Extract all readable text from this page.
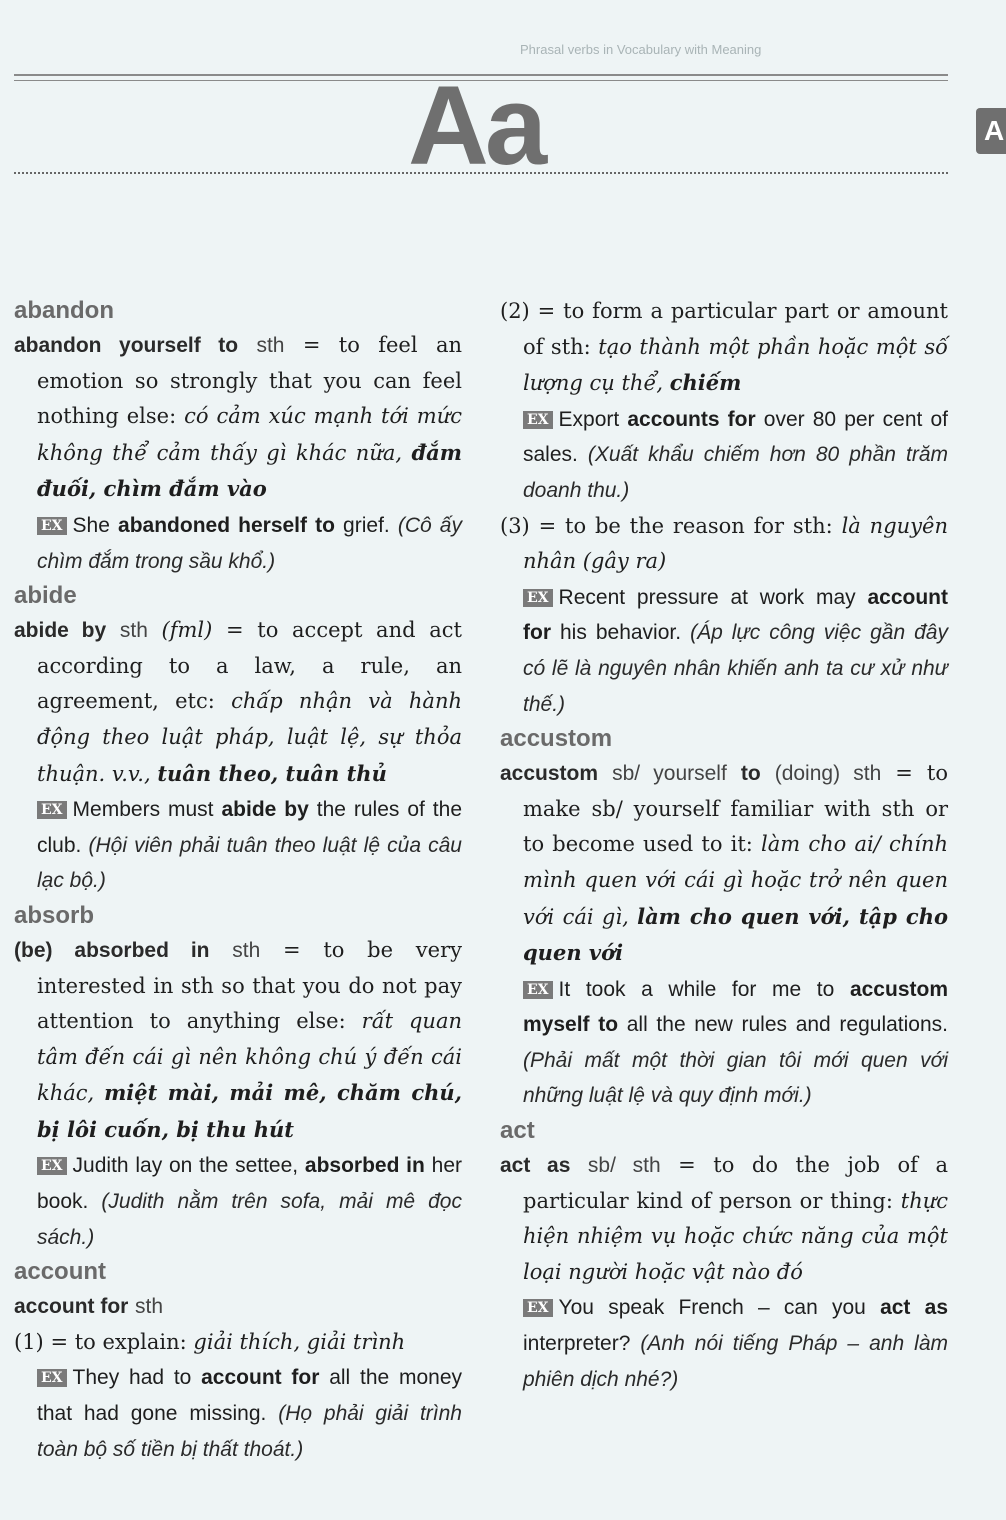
Phrasal verbs in Vocabulary with Meaning
Aa	A

abandon

abandon yourself to sth = to feel an emotion so strongly that you can feel nothing else: có cảm xúc mạnh tới mức không thể cảm thấy gì khác nữa, đắm đuối, chìm đắm vào

EX She abandoned herself to grief. (Cô ấy chìm đắm trong sầu khổ.)

abide

abide by sth (fml) = to accept and act according to a law, a rule, an agreement, etc: chấp nhận và hành động theo luật pháp, luật lệ, sự thỏa thuận. v.v., tuân theo, tuân thủ

EX Members must abide by the rules of the club. (Hội viên phải tuân theo luật lệ của câu lạc bộ.)

absorb

(be) absorbed in sth = to be very interested in sth so that you do not pay attention to anything else: rất quan tâm đến cái gì nên không chú ý đến cái khác, miệt mài, mải mê, chăm chú, bị lôi cuốn, bị thu hút

EX Judith lay on the settee, absorbed in her book. (Judith nằm trên sofa, mải mê đọc sách.)

account

account for sth

(1) = to explain: giải thích, giải trình

EX They had to account for all the money that had gone missing. (Họ phải giải trình toàn bộ số tiền bị thất thoát.)

(2) = to form a particular part or amount of sth: tạo thành một phần hoặc một số lượng cụ thể, chiếm

EX Export accounts for over 80 per cent of sales. (Xuất khẩu chiếm hơn 80 phần trăm doanh thu.)

(3) = to be the reason for sth: là nguyên nhân (gây ra)

EX Recent pressure at work may account for his behavior. (Áp lực công việc gần đây có lẽ là nguyên nhân khiến anh ta cư xử như thế.)

accustom

accustom sb/ yourself to (doing) sth = to make sb/ yourself familiar with sth or to become used to it: làm cho ai/ chính mình quen với cái gì hoặc trở nên quen với cái gì, làm cho quen với, tập cho quen với

EX It took a while for me to accustom myself to all the new rules and regulations. (Phải mất một thời gian tôi mới quen với những luật lệ và quy định mới.)

act

act as sb/ sth = to do the job of a particular kind of person or thing: thực hiện nhiệm vụ hoặc chức năng của một loại người hoặc vật nào đó

EX You speak French – can you act as interpreter? (Anh nói tiếng Pháp – anh làm phiên dịch nhé?)
